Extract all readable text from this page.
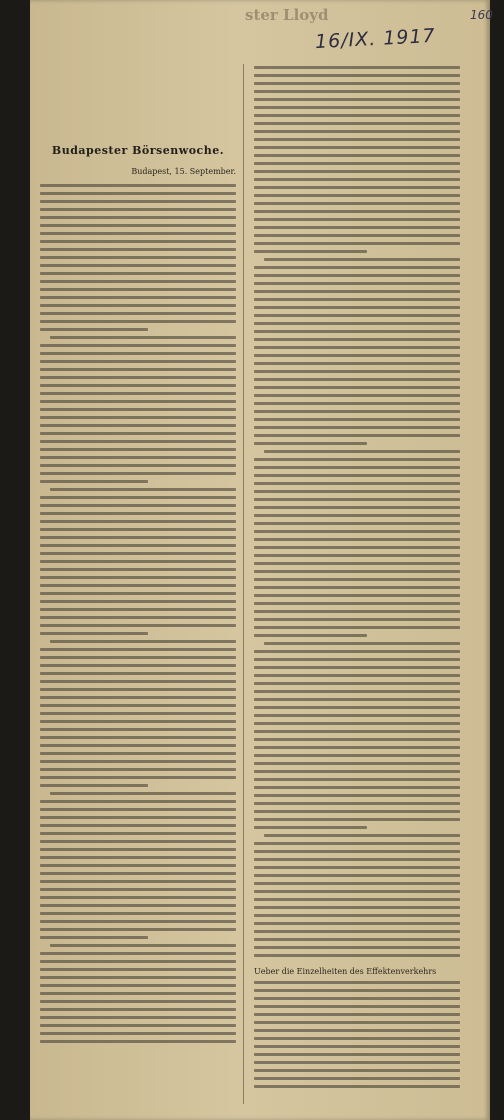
ster Lloyd
16/IX. 1917
160
Budapester Börsenwoche.
Budapest, 15. September.
Ueber die Einzelheiten des Effektenverkehrs
